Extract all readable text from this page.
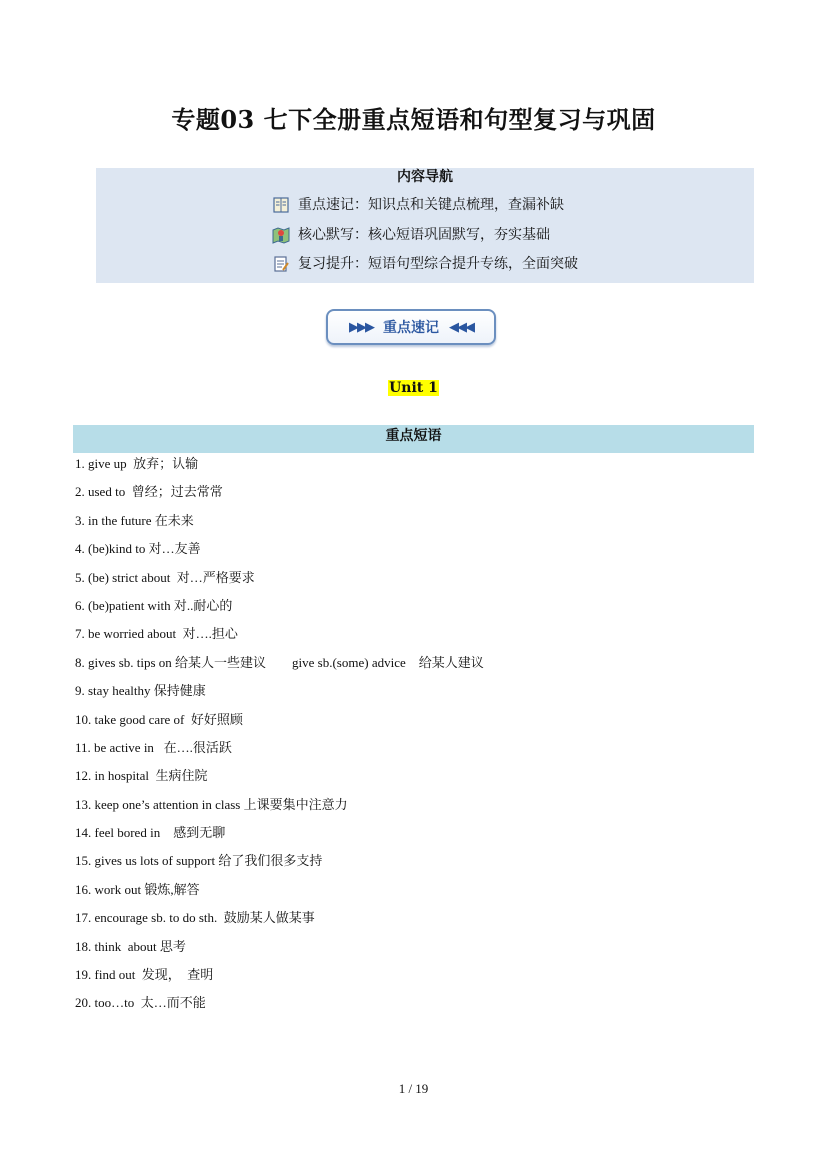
专题03 七下全册重点短语和句型复习与巩固
内容导航
重点速记：知识点和关键点梳理，查漏补缺
核心默写：核心短语巩固默写，夯实基础
复习提升：短语句型综合提升专练，全面突破
▶▶▶ 重点速记 ◀◀◀
Unit 1
重点短语
1. give up  放弃；认输
2. used to  曾经；过去常常
3. in the future 在未来
4. (be)kind to 对…友善
5. (be) strict about  对…严格要求
6. (be)patient with 对..耐心的
7. be worried about  对….担心
8. gives sb. tips on 给某人一些建议        give sb.(some) advice    给某人建议
9. stay healthy 保持健康
10. take good care of  好好照顾
11. be active in   在….很活跃
12. in hospital  生病住院
13. keep one’s attention in class 上课要集中注意力
14. feel bored in    感到无聊
15. gives us lots of support 给了我们很多支持
16. work out 锻炼,解答
17. encourage sb. to do sth.  鼓励某人做某事
18. think  about 思考
19. find out  发现，  查明
20. too…to  太…而不能
1 / 19
